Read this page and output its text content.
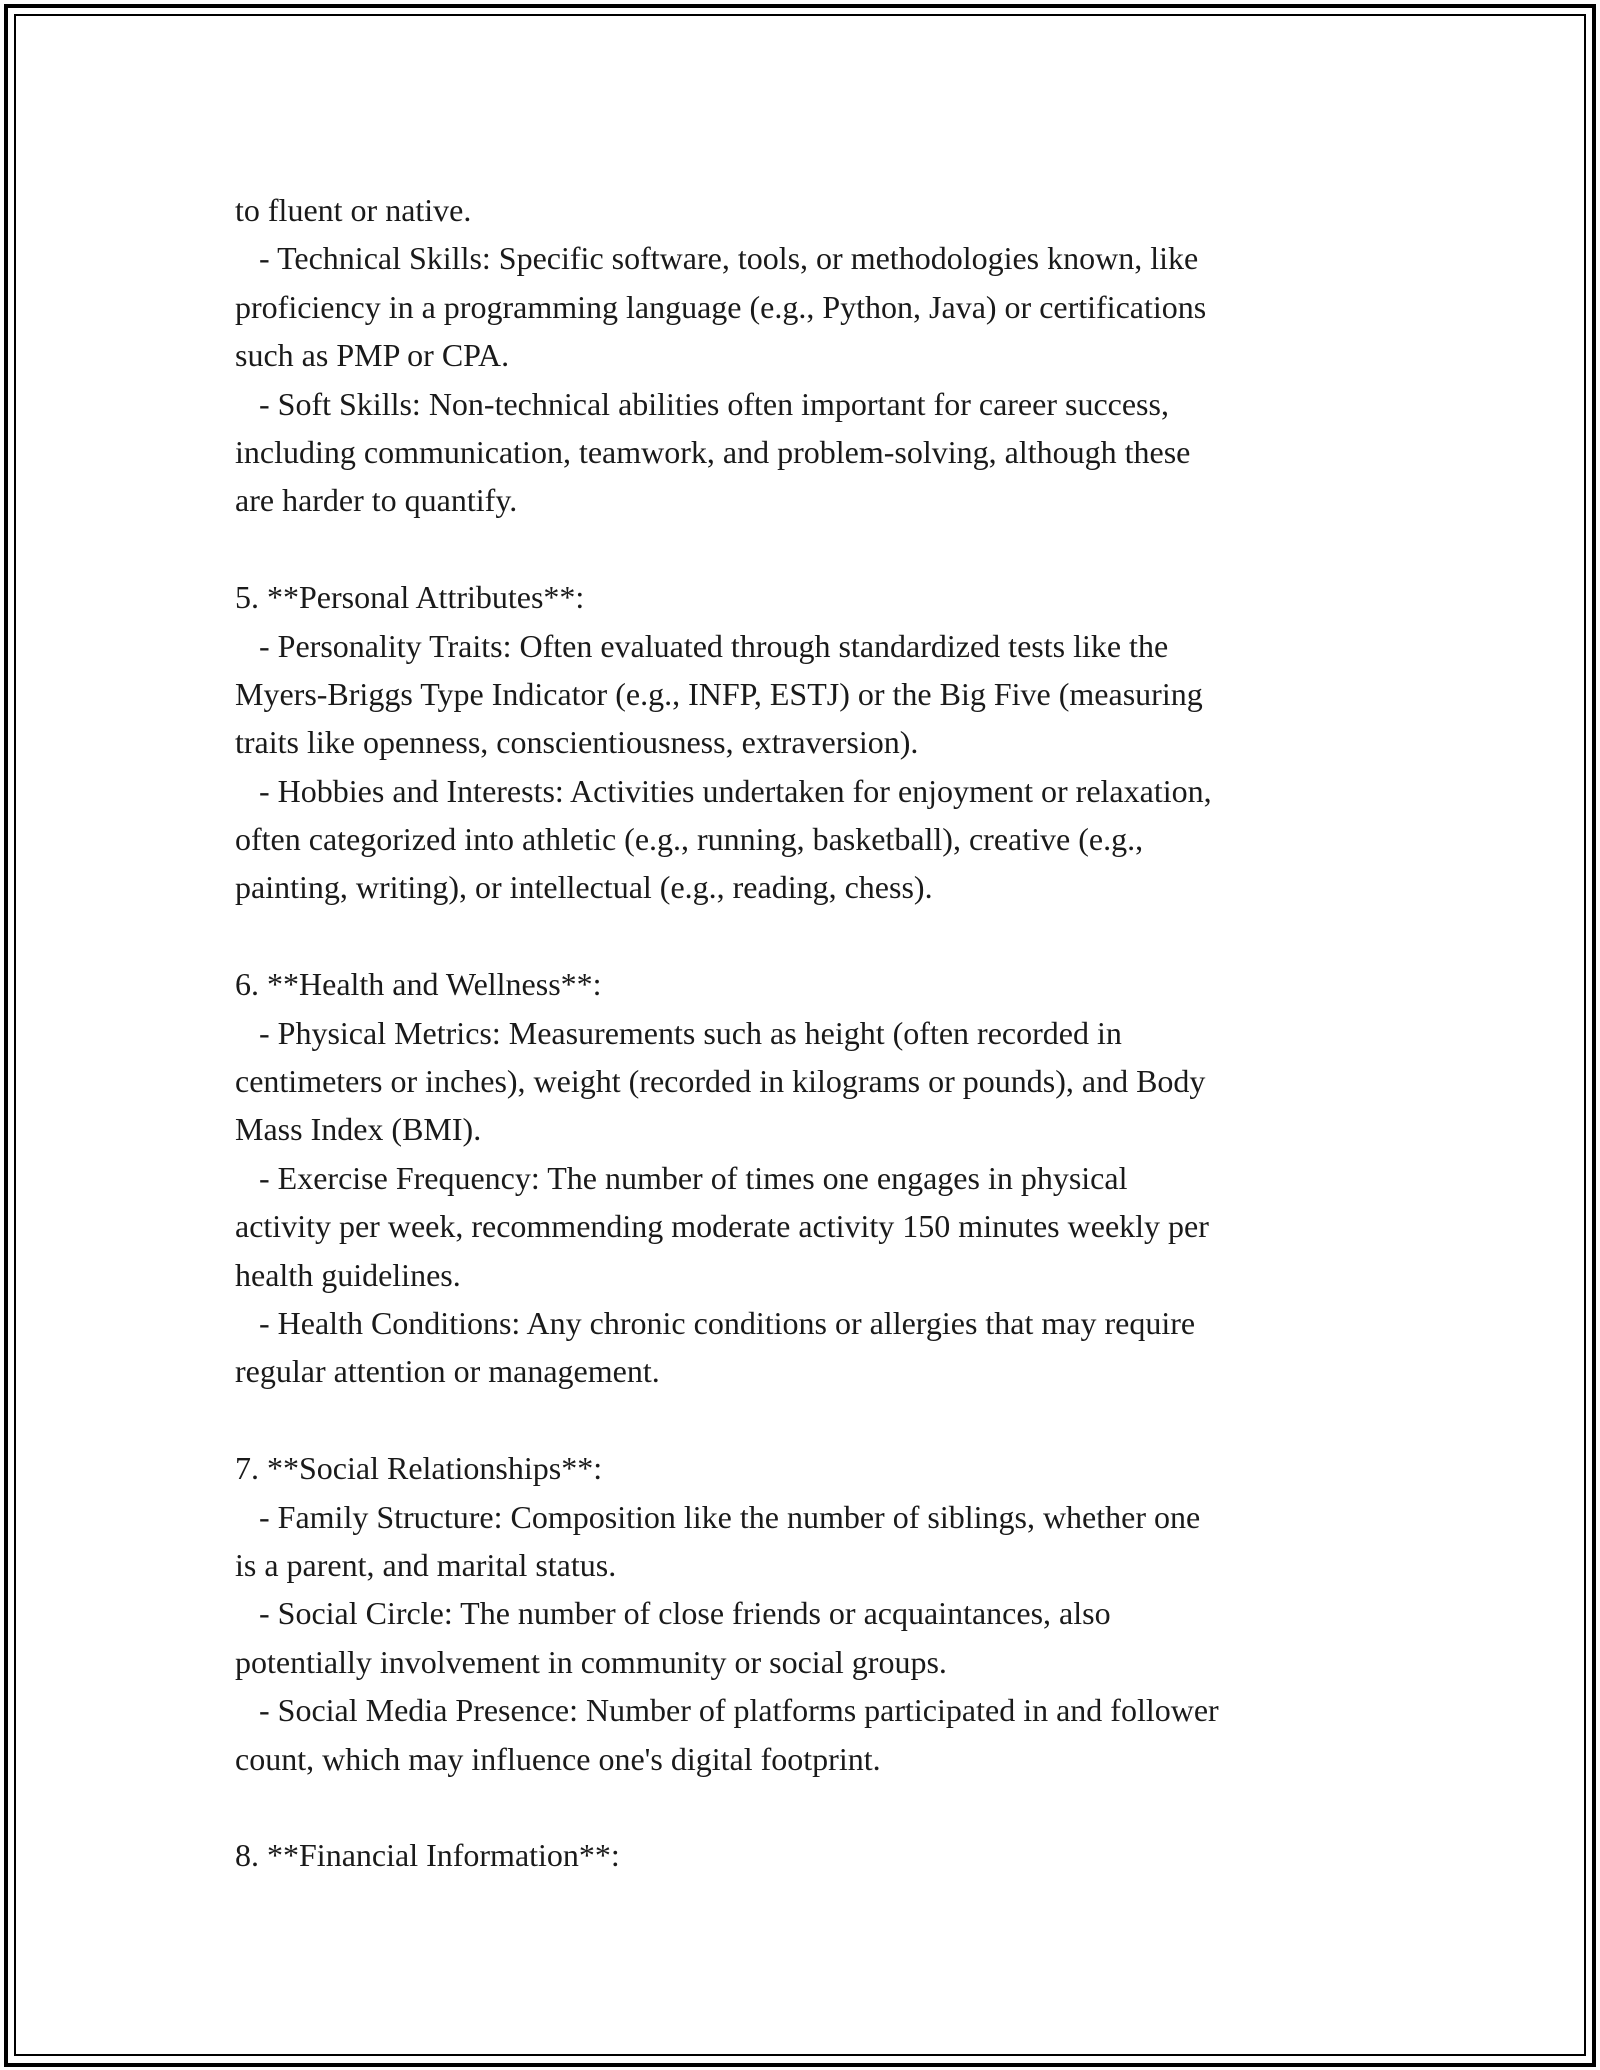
to fluent or native.
- Technical Skills: Specific software, tools, or methodologies known, like
proficiency in a programming language (e.g., Python, Java) or certifications
such as PMP or CPA.
- Soft Skills: Non-technical abilities often important for career success,
including communication, teamwork, and problem-solving, although these
are harder to quantify.
5. **Personal Attributes**:
- Personality Traits: Often evaluated through standardized tests like the
Myers-Briggs Type Indicator (e.g., INFP, ESTJ) or the Big Five (measuring
traits like openness, conscientiousness, extraversion).
- Hobbies and Interests: Activities undertaken for enjoyment or relaxation,
often categorized into athletic (e.g., running, basketball), creative (e.g.,
painting, writing), or intellectual (e.g., reading, chess).
6. **Health and Wellness**:
- Physical Metrics: Measurements such as height (often recorded in
centimeters or inches), weight (recorded in kilograms or pounds), and Body
Mass Index (BMI).
- Exercise Frequency: The number of times one engages in physical
activity per week, recommending moderate activity 150 minutes weekly per
health guidelines.
- Health Conditions: Any chronic conditions or allergies that may require
regular attention or management.
7. **Social Relationships**:
- Family Structure: Composition like the number of siblings, whether one
is a parent, and marital status.
- Social Circle: The number of close friends or acquaintances, also
potentially involvement in community or social groups.
- Social Media Presence: Number of platforms participated in and follower
count, which may influence one's digital footprint.
8. **Financial Information**:
